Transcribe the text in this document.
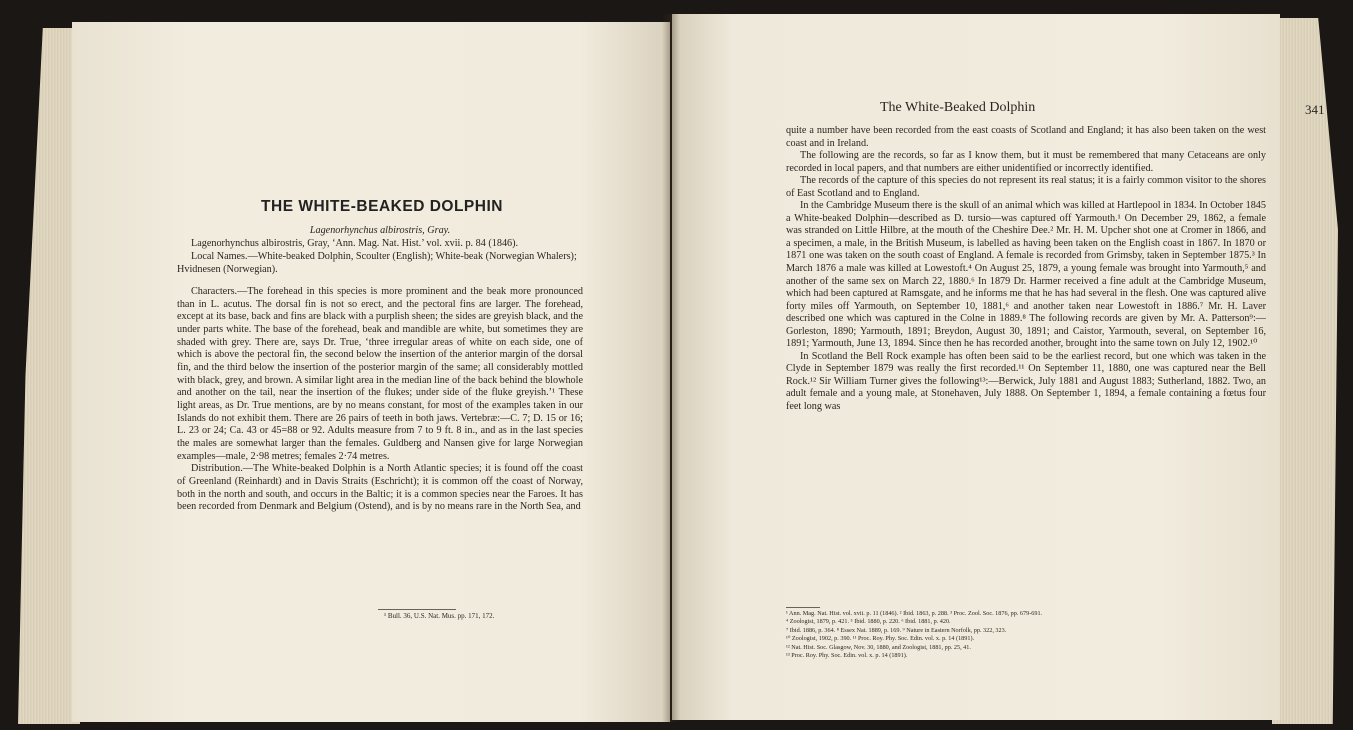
THE WHITE-BEAKED DOLPHIN
Lagenorhynchus albirostris, Gray.
Lagenorhynchus albirostris, Gray, ‘Ann. Mag. Nat. Hist.’ vol. xvii. p. 84 (1846).
Local Names.—White-beaked Dolphin, Scoulter (English); White-beak (Norwegian Whalers); Hvidnesen (Norwegian).

Characters.—The forehead in this species is more prominent and the beak more pronounced than in L. acutus. The dorsal fin is not so erect, and the pectoral fins are larger. The forehead, except at its base, back and fins are black with a purplish sheen; the sides are greyish black, and the under parts white. The base of the forehead, beak and mandible are white, but sometimes they are shaded with grey. There are, says Dr. True, ‘three irregular areas of white on each side, one of which is above the pectoral fin, the second below the insertion of the anterior margin of the dorsal fin, and the third below the insertion of the posterior margin of the same; all considerably mottled with black, grey, and brown. A similar light area in the median line of the back behind the blowhole and another on the tail, near the insertion of the flukes; under side of the fluke greyish.’¹ These light areas, as Dr. True mentions, are by no means constant, for most of the examples taken in our Islands do not exhibit them. There are 26 pairs of teeth in both jaws. Vertebræ:—C. 7; D. 15 or 16; L. 23 or 24; Ca. 43 or 45=88 or 92. Adults measure from 7 to 9 ft. 8 in., and as in the last species the males are somewhat larger than the females. Guldberg and Nansen give for large Norwegian examples—male, 2·98 metres; females 2·74 metres.

Distribution.—The White-beaked Dolphin is a North Atlantic species; it is found off the coast of Greenland (Reinhardt) and in Davis Straits (Eschricht); it is common off the coast of Norway, both in the north and south, and occurs in the Baltic; it is a common species near the Faroes. It has been recorded from Denmark and Belgium (Ostend), and is by no means rare in the North Sea, and

¹ Bull. 36, U.S. Nat. Mus. pp. 171, 172.
The White-Beaked Dolphin	341

quite a number have been recorded from the east coasts of Scotland and England; it has also been taken on the west coast and in Ireland.

The following are the records, so far as I know them, but it must be remembered that many Cetaceans are only recorded in local papers, and that numbers are either unidentified or incorrectly identified.

The records of the capture of this species do not represent its real status; it is a fairly common visitor to the shores of East Scotland and to England.

In the Cambridge Museum there is the skull of an animal which was killed at Hartlepool in 1834. In October 1845 a White-beaked Dolphin—described as D. tursio—was captured off Yarmouth.¹ On December 29, 1862, a female was stranded on Little Hilbre, at the mouth of the Cheshire Dee.² Mr. H. M. Upcher shot one at Cromer in 1866, and a specimen, a male, in the British Museum, is labelled as having been taken on the English coast in 1867. In 1870 or 1871 one was taken on the south coast of England. A female is recorded from Grimsby, taken in September 1875.³ In March 1876 a male was killed at Lowestoft.⁴ On August 25, 1879, a young female was brought into Yarmouth,⁵ and another of the same sex on March 22, 1880.⁶ In 1879 Dr. Harmer received a fine adult at the Cambridge Museum, which had been captured at Ramsgate, and he informs me that he has had several in the flesh. One was captured alive forty miles off Yarmouth, on September 10, 1881,⁶ and another taken near Lowestoft in 1886.⁷ Mr. H. Laver described one which was captured in the Colne in 1889.⁸ The following records are given by Mr. A. Patterson⁹:—Gorleston, 1890; Yarmouth, 1891; Breydon, August 30, 1891; and Caistor, Yarmouth, several, on September 16, 1891; Yarmouth, June 13, 1894. Since then he has recorded another, brought into the same town on July 12, 1902.¹⁰

In Scotland the Bell Rock example has often been said to be the earliest record, but one which was taken in the Clyde in September 1879 was really the first recorded.¹¹ On September 11, 1880, one was captured near the Bell Rock.¹² Sir William Turner gives the following¹³:—Berwick, July 1881 and August 1883; Sutherland, 1882. Two, an adult female and a young male, at Stonehaven, July 1888. On September 1, 1894, a female containing a fœtus four feet long was

¹ Ann. Mag. Nat. Hist. vol. xvii. p. 11 (1846). ² Ibid. 1863, p. 288. ³ Proc. Zool. Soc. 1876, pp. 679-691.
⁴ Zoologist, 1879, p. 421. ⁵ Ibid. 1880, p. 220. ⁶ Ibid. 1881, p. 420.
⁷ Ibid. 1886, p. 364. ⁸ Essex Nat. 1889, p. 169. ⁹ Nature in Eastern Norfolk, pp. 322, 323.
¹⁰ Zoologist, 1902, p. 390. ¹¹ Proc. Roy. Phy. Soc. Edin. vol. x. p. 14 (1891).
¹² Nat. Hist. Soc. Glasgow, Nov. 30, 1880, and Zoologist, 1881, pp. 25, 41.
¹³ Proc. Roy. Phy. Soc. Edin. vol. x. p. 14 (1891).
